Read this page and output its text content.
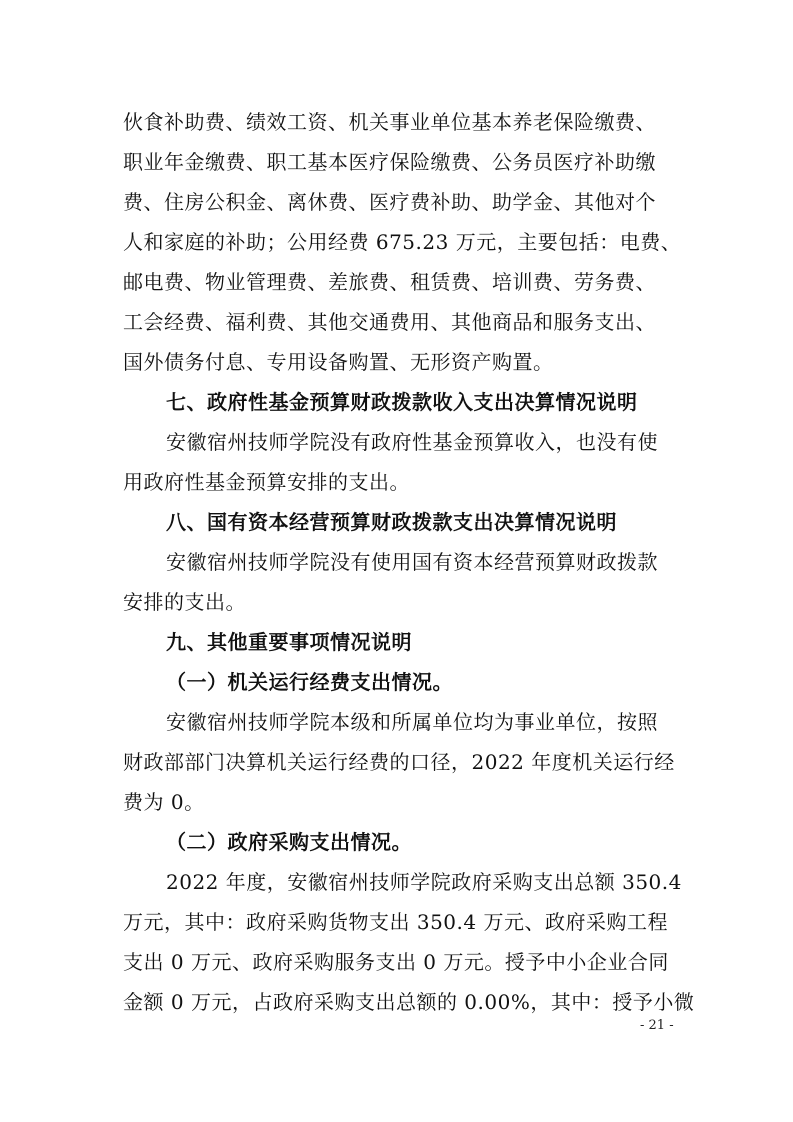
伙食补助费、绩效工资、机关事业单位基本养老保险缴费、
职业年金缴费、职工基本医疗保险缴费、公务员医疗补助缴
费、住房公积金、离休费、医疗费补助、助学金、其他对个
人和家庭的补助；公用经费 675.23 万元，主要包括：电费、
邮电费、物业管理费、差旅费、租赁费、培训费、劳务费、
工会经费、福利费、其他交通费用、其他商品和服务支出、
国外债务付息、专用设备购置、无形资产购置。
七、政府性基金预算财政拨款收入支出决算情况说明
安徽宿州技师学院没有政府性基金预算收入，也没有使
用政府性基金预算安排的支出。
八、国有资本经营预算财政拨款支出决算情况说明
安徽宿州技师学院没有使用国有资本经营预算财政拨款
安排的支出。
九、其他重要事项情况说明
（一）机关运行经费支出情况。
安徽宿州技师学院本级和所属单位均为事业单位，按照
财政部部门决算机关运行经费的口径，2022 年度机关运行经
费为 0。
（二）政府采购支出情况。
2022 年度，安徽宿州技师学院政府采购支出总额 350.4
万元，其中：政府采购货物支出 350.4 万元、政府采购工程
支出 0 万元、政府采购服务支出 0 万元。授予中小企业合同
金额 0 万元，占政府采购支出总额的 0.00%，其中：授予小微
- 21 -
